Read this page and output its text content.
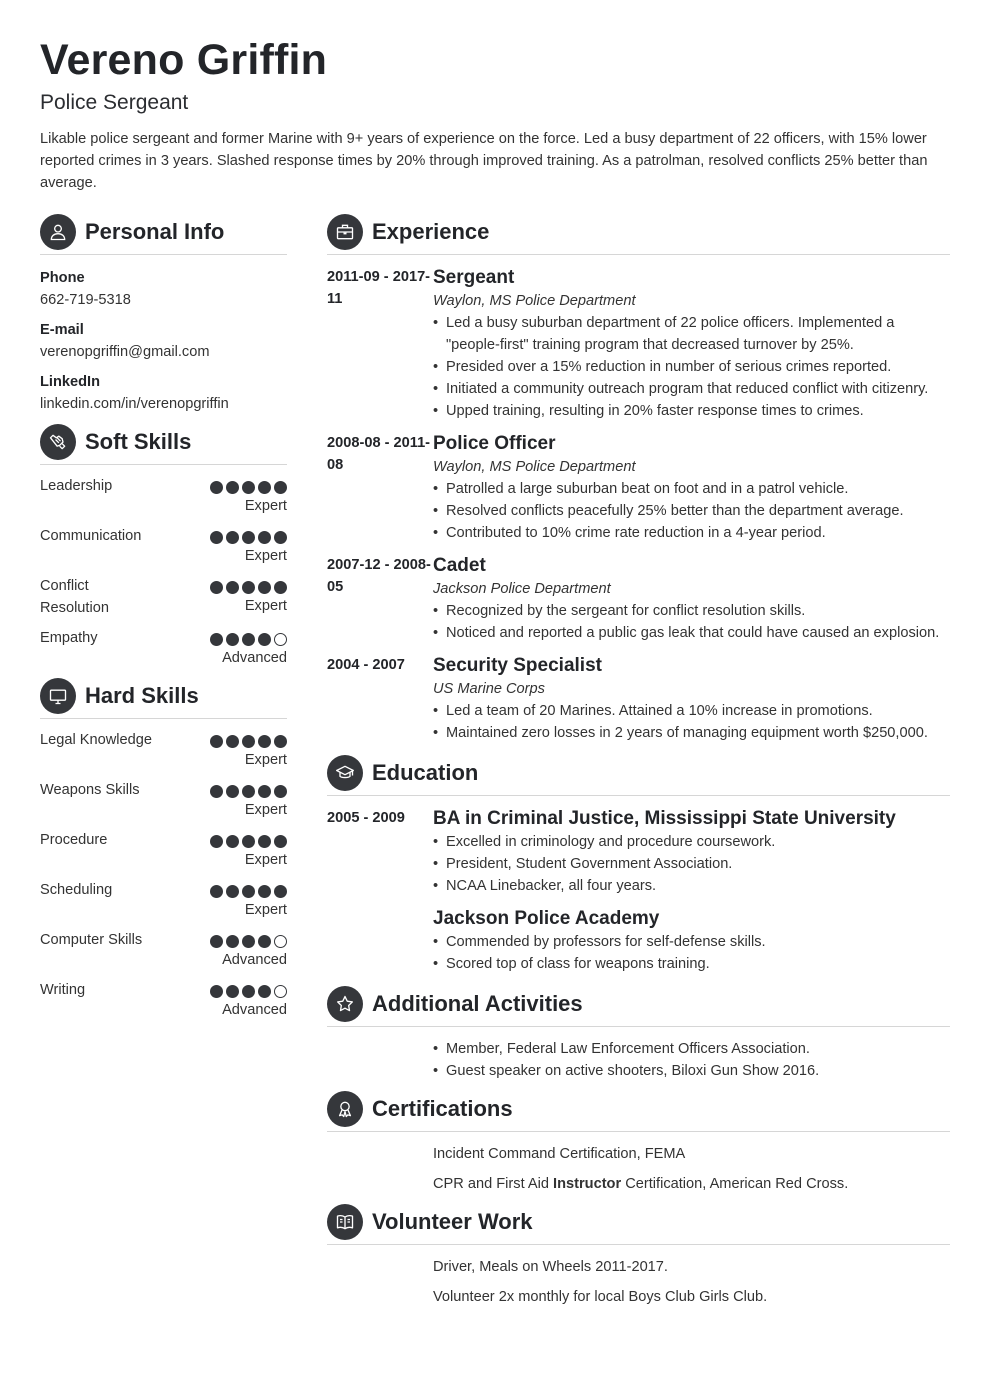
Vereno Griffin
Police Sergeant
Likable police sergeant and former Marine with 9+ years of experience on the force. Led a busy department of 22 officers, with 15% lower reported crimes in 3 years. Slashed response times by 20% through improved training. As a patrolman, resolved conflicts 25% better than average.
Personal Info
Phone
662-719-5318
E-mail
verenopgriffin@gmail.com
LinkedIn
linkedin.com/in/verenopgriffin
Soft Skills
Leadership
Expert
Communication
Expert
Conflict Resolution	Expert
Empathy
Advanced
Hard Skills
Legal Knowledge
Expert
Weapons Skills
Expert
Procedure
Expert
Scheduling
Expert
Computer Skills
Advanced
Writing
Advanced
Experience
2011-09 - 2017-11
Sergeant
Waylon, MS Police Department
• Led a busy suburban department of 22 police officers. Implemented a "people-first" training program that decreased turnover by 25%.
• Presided over a 15% reduction in number of serious crimes reported.
• Initiated a community outreach program that reduced conflict with citizenry.
• Upped training, resulting in 20% faster response times to crimes.
2008-08 - 2011-08
Police Officer
Waylon, MS Police Department
• Patrolled a large suburban beat on foot and in a patrol vehicle.
• Resolved conflicts peacefully 25% better than the department average.
• Contributed to 10% crime rate reduction in a 4-year period.
2007-12 - 2008-05
Cadet
Jackson Police Department
• Recognized by the sergeant for conflict resolution skills.
• Noticed and reported a public gas leak that could have caused an explosion.
2004 - 2007	Security Specialist
US Marine Corps
• Led a team of 20 Marines. Attained a 10% increase in promotions.
• Maintained zero losses in 2 years of managing equipment worth $250,000.
Education
2005 - 2009	BA in Criminal Justice, Mississippi State University
• Excelled in criminology and procedure coursework.
• President, Student Government Association.
• NCAA Linebacker, all four years.
Jackson Police Academy
• Commended by professors for self-defense skills.
• Scored top of class for weapons training.
Additional Activities
• Member, Federal Law Enforcement Officers Association.
• Guest speaker on active shooters, Biloxi Gun Show 2016.
Certifications

Incident Command Certification, FEMA

CPR and First Aid Instructor Certification, American Red Cross.

Volunteer Work

Driver, Meals on Wheels 2011-2017.

Volunteer 2x monthly for local Boys Club Girls Club.
